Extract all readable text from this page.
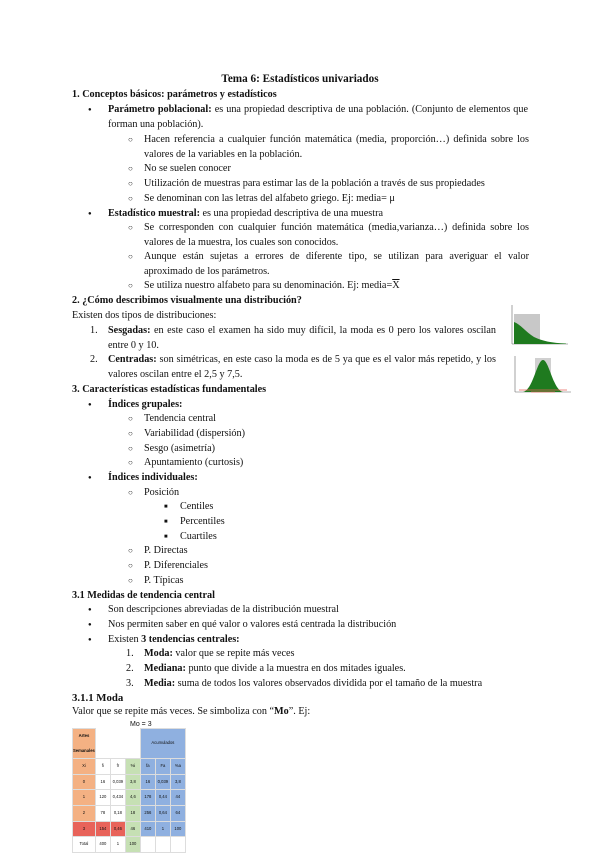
Tema 6: Estadísticos univariados
1. Conceptos básicos: parámetros y estadísticos
Parámetro poblacional: es una propiedad descriptiva de una población. (Conjunto de elementos que forman una población).
○ Hacen referencia a cualquier función matemática (media, proporción…) definida sobre los valores de la variables en la población.
○ No se suelen conocer
○ Utilización de muestras para estimar las de la población a través de sus propiedades
○ Se denominan con las letras del alfabeto griego. Ej: media= μ
Estadístico muestral: es una propiedad descriptiva de una muestra
○ Se corresponden con cualquier función matemática (media,varianza…) definida sobre los valores de la muestra, los cuales son conocidos.
○ Aunque están sujetas a errores de diferente tipo, se utilizan para averiguar el valor aproximado de los parámetros.
○ Se utiliza nuestro alfabeto para su denominación. Ej: $media=\overline{X}$
2. ¿Cómo describimos visualmente una distribución?
Existen dos tipos de distribuciones:
1. Sesgadas: en este caso el examen ha sido muy difícil, la moda es 0 pero los valores oscilan entre 0 y 10.
2. Centradas: son simétricas, en este caso la moda es de 5 ya que es el valor más repetido, y los valores oscilan entre el 2,5 y 7,5.
3. Características estadísticas fundamentales
● Índices grupales:
○ Tendencia central
○ Variabilidad (dispersión)
○ Sesgo (asimetría)
○ Apuntamiento (curtosis)
● Índices individuales:
○ Posición
■ Centiles
■ Percentiles
■ Cuartiles
○ P. Directas
○ P. Diferenciales
○ P. Típicas
3.1 Medidas de tendencia central
● Son descripciones abreviadas de la distribución muestral
● Nos permiten saber en qué valor o valores está centrada la distribución
● Existen 3 tendencias centrales:
1. Moda: valor que se repite más veces
2. Mediana: punto que divide a la muestra en dos mitades iguales.
3. Media: suma de todos los valores observados dividida por el tamaño de la muestra
3.1.1 Moda
Valor que se repite más veces. Se simboliza con “Mo”. Ej:
Mo = 3
Artes Semanales				Acumulados		
Xi	fi	fr	%i	fa	Fa	%a
0	16	0,039	3,8	16	0,039	3,8
1	120	0,434	4,6	178	0,44	44
2	78	0,18	18	256	0,64	64
3	154	0,46	46	410	1	100
Total	400	1	100			
